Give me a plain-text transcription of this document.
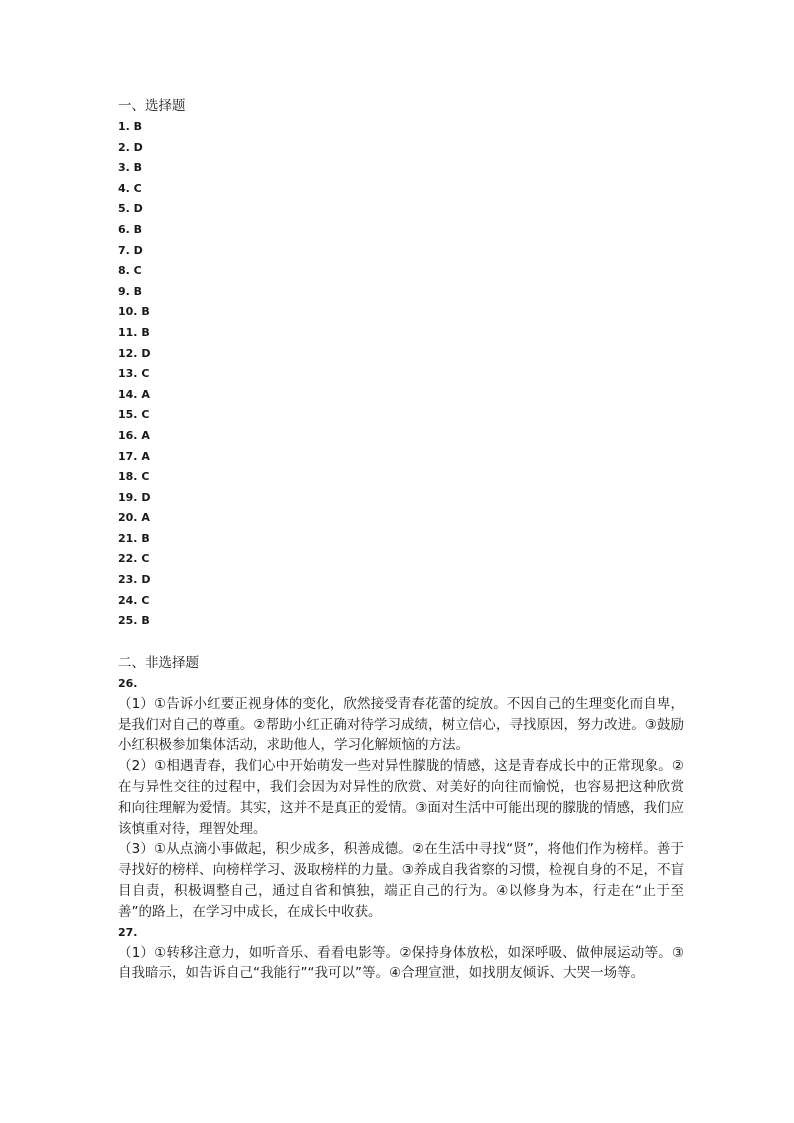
一、选择题
1. B
2. D
3. B
4. C
5. D
6. B
7. D
8. C
9. B
10. B
11. B
12. D
13. C
14. A
15. C
16. A
17. A
18. C
19. D
20. A
21. B
22. C
23. D
24. C
25. B
二、非选择题
26.

（1）①告诉小红要正视身体的变化，欣然接受青春花蕾的绽放。不因自己的生理变化而自卑，是我们对自己的尊重。②帮助小红正确对待学习成绩，树立信心，寻找原因，努力改进。③鼓励小红积极参加集体活动，求助他人，学习化解烦恼的方法。

（2）①相遇青春，我们心中开始萌发一些对异性朦胧的情感，这是青春成长中的正常现象。②在与异性交往的过程中，我们会因为对异性的欣赏、对美好的向往而愉悦，也容易把这种欣赏和向往理解为爱情。其实，这并不是真正的爱情。③面对生活中可能出现的朦胧的情感，我们应该慎重对待，理智处理。

（3）①从点滴小事做起，积少成多，积善成德。②在生活中寻找“贤”，将他们作为榜样。善于寻找好的榜样、向榜样学习、汲取榜样的力量。③养成自我省察的习惯，检视自身的不足，不盲目自责，积极调整自己，通过自省和慎独，端正自己的行为。④以修身为本，行走在“止于至善”的路上，在学习中成长，在成长中收获。

27.

（1）①转移注意力，如听音乐、看看电影等。②保持身体放松，如深呼吸、做伸展运动等。③自我暗示，如告诉自己“我能行”“我可以”等。④合理宣泄，如找朋友倾诉、大哭一场等。
